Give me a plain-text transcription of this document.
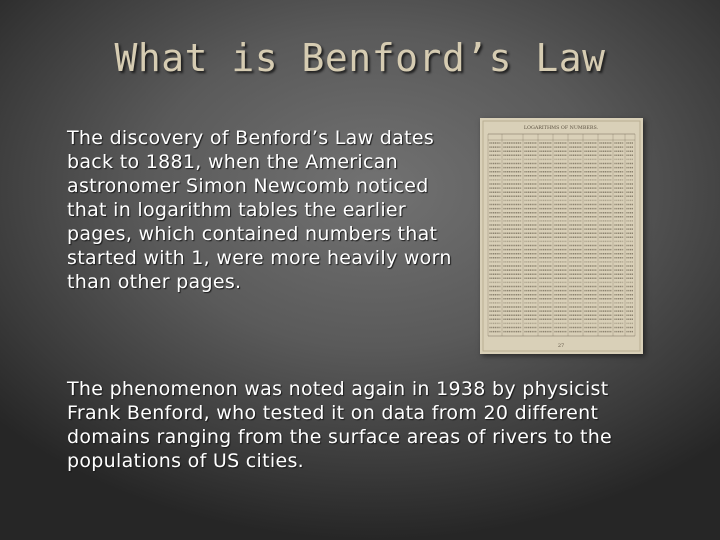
What is Benford’s Law

The discovery of Benford’s Law dates back to 1881, when the American astronomer Simon Newcomb noticed that in logarithm tables the earlier pages, which contained numbers that started with 1, were more heavily worn than other pages.

LOGARITHMS OF NUMBERS.
27

The phenomenon was noted again in 1938 by physicist Frank Benford, who tested it on data from 20 different domains ranging from the surface areas of rivers to the populations of US cities.
